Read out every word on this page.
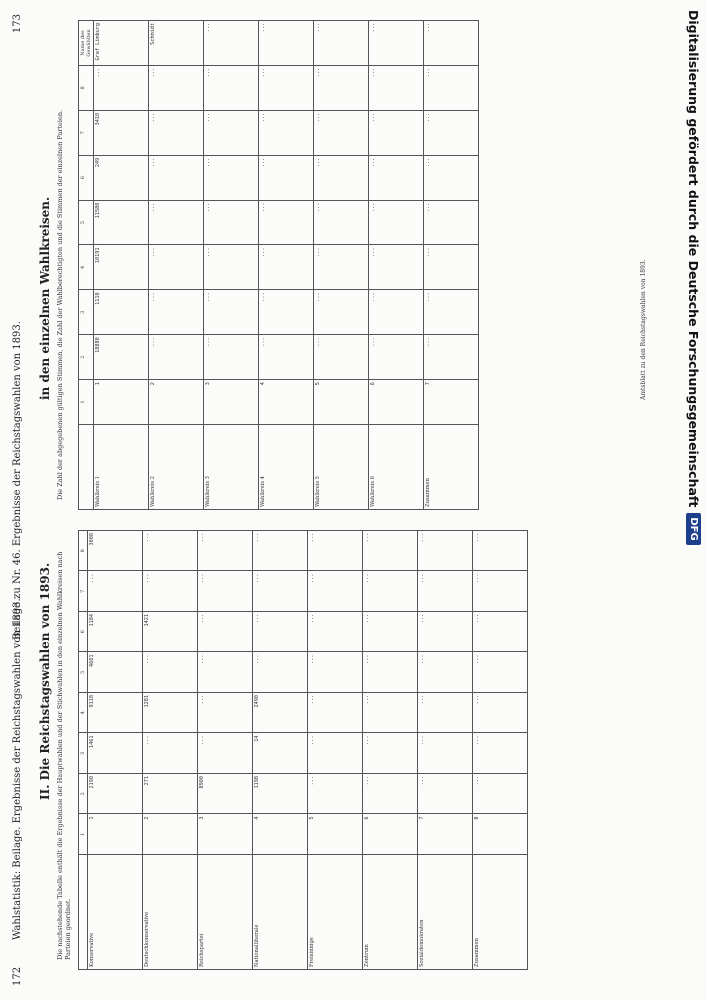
172
Wahlstatistik: Beilage. Ergebnisse der Reichstagswahlen von 1893.
Beilage zu Nr. 46. Ergebnisse der Reichstagswahlen von 1893.
173
II. Die Reichstagswahlen von 1893. Die nachstehende Tabelle enthält die Ergebnisse der Hauptwahlen und der Stichwahlen in den einzelnen Wahlkreisen nach Parteien geordnet.
	1	2	3	4	5	6	7	8
Konservative	1	2190	1461	9118	4601	1184	...	3000
Deutschkonservative	2	271	...	1281	...	1421	...	...
Reichspartei	3	8900	...	...	...	...	...	...
Nationalliberale	4	1198	14	2490	...	...	...	...
Freisinnige	5	...	...	...	...	...	...	...
Zentrum	6	...	...	...	...	...	...	...
Sozialdemokraten	7	...	...	...	...	...	...	...
Zusammen	8	...	...	...	...	...	...	...
in den einzelnen Wahlkreisen. Die Zahl der abgegebenen gültigen Stimmen, die Zahl der Wahlberechtigten und die Stimmen der einzelnen Parteien.
		1	2	3	4	5	6	7	8	Name des Gewählten
Wahlkreis 1	1	18880	1110	10191	11580	249	3410	...	Graf Limburg
Wahlkreis 2	2	...	...	...	...	...	...	...	Schmidt
Wahlkreis 3	3	...	...	...	...	...	...	...	...
Wahlkreis 4	4	...	...	...	...	...	...	...	...
Wahlkreis 5	5	...	...	...	...	...	...	...	...
Wahlkreis 6	6	...	...	...	...	...	...	...	...
Zusammen	7	...	...	...	...	...	...	...	...
Amtsblatt zu den Reichstagswahlen von 1893.	Digitalisierung gefördert durch die Deutsche Forschungsgemeinschaft
DFG
